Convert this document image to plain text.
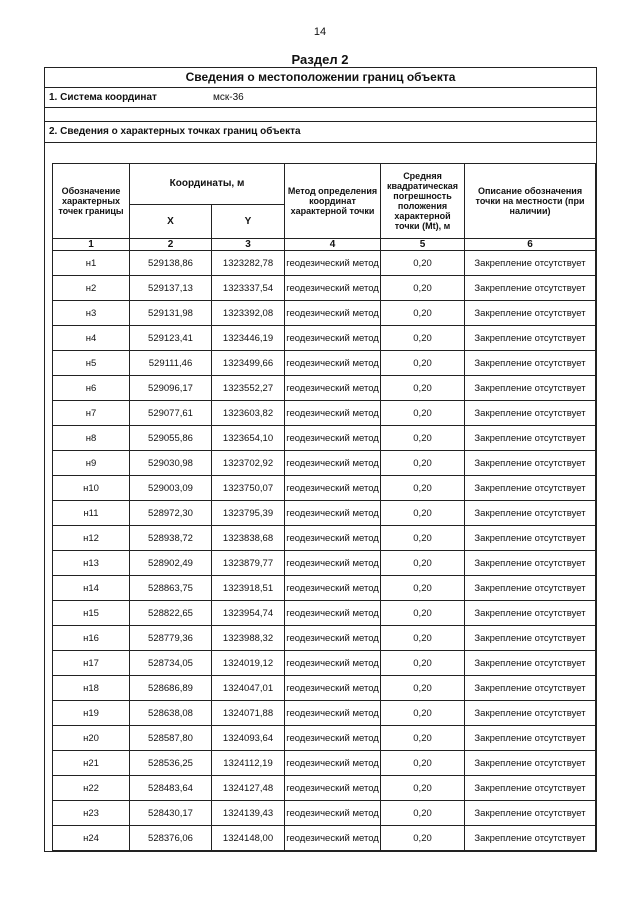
14
Раздел 2
Сведения о местоположении границ объекта
1. Система координат	мск-36
2. Сведения о характерных точках границ объекта
Обозначение характерных точек границы	Координаты, м		Метод определения координат характерной точки	Средняя квадратическая погрешность положения характерной точки (Mt), м	Описание обозначения точки на местности (при наличии)
	X	Y			
1	2	3	4	5	6
н1	529138,86	1323282,78	геодезический метод	0,20	Закрепление отсутствует
н2	529137,13	1323337,54	геодезический метод	0,20	Закрепление отсутствует
н3	529131,98	1323392,08	геодезический метод	0,20	Закрепление отсутствует
н4	529123,41	1323446,19	геодезический метод	0,20	Закрепление отсутствует
н5	529111,46	1323499,66	геодезический метод	0,20	Закрепление отсутствует
н6	529096,17	1323552,27	геодезический метод	0,20	Закрепление отсутствует
н7	529077,61	1323603,82	геодезический метод	0,20	Закрепление отсутствует
н8	529055,86	1323654,10	геодезический метод	0,20	Закрепление отсутствует
н9	529030,98	1323702,92	геодезический метод	0,20	Закрепление отсутствует
н10	529003,09	1323750,07	геодезический метод	0,20	Закрепление отсутствует
н11	528972,30	1323795,39	геодезический метод	0,20	Закрепление отсутствует
н12	528938,72	1323838,68	геодезический метод	0,20	Закрепление отсутствует
н13	528902,49	1323879,77	геодезический метод	0,20	Закрепление отсутствует
н14	528863,75	1323918,51	геодезический метод	0,20	Закрепление отсутствует
н15	528822,65	1323954,74	геодезический метод	0,20	Закрепление отсутствует
н16	528779,36	1323988,32	геодезический метод	0,20	Закрепление отсутствует
н17	528734,05	1324019,12	геодезический метод	0,20	Закрепление отсутствует
н18	528686,89	1324047,01	геодезический метод	0,20	Закрепление отсутствует
н19	528638,08	1324071,88	геодезический метод	0,20	Закрепление отсутствует
н20	528587,80	1324093,64	геодезический метод	0,20	Закрепление отсутствует
н21	528536,25	1324112,19	геодезический метод	0,20	Закрепление отсутствует
н22	528483,64	1324127,48	геодезический метод	0,20	Закрепление отсутствует
н23	528430,17	1324139,43	геодезический метод	0,20	Закрепление отсутствует
н24	528376,06	1324148,00	геодезический метод	0,20	Закрепление отсутствует
